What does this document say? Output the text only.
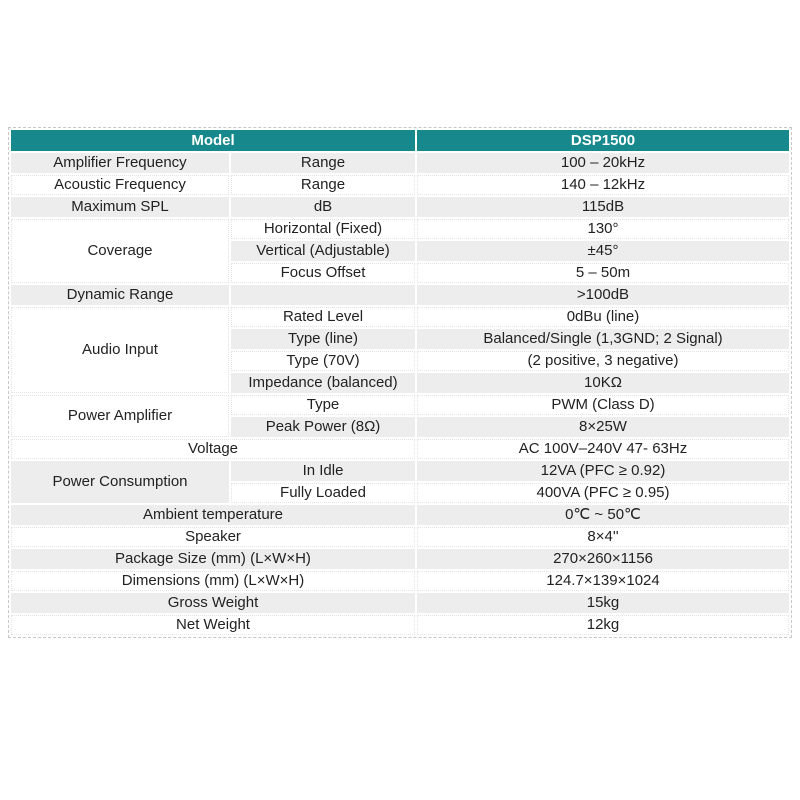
Model		DSP1500
Amplifier Frequency	Range	100 – 20kHz
Acoustic Frequency	Range	140 – 12kHz
Maximum SPL	dB	115dB
Coverage	Horizontal (Fixed)	130°
	Vertical (Adjustable)	±45°
	Focus Offset	5 – 50m
Dynamic Range		>100dB
Audio Input	Rated Level	0dBu (line)
	Type (line)	Balanced/Single (1,3GND; 2 Signal)
	Type (70V)	(2 positive, 3 negative)
	Impedance (balanced)	10KΩ
Power Amplifier	Type	PWM (Class D)
	Peak Power (8Ω)	8×25W
Voltage		AC 100V–240V 47- 63Hz
Power Consumption	In Idle	12VA (PFC ≥ 0.92)
	Fully Loaded	400VA (PFC ≥ 0.95)
Ambient temperature		0℃ ~ 50℃
Speaker		8×4''
Package Size (mm) (L×W×H)		270×260×1156
Dimensions (mm) (L×W×H)		124.7×139×1024
Gross Weight		15kg
Net Weight		12kg
